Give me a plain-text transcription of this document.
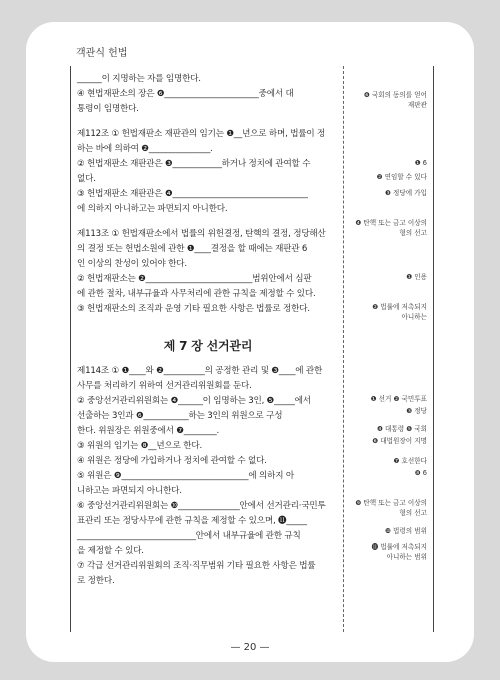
객관식 헌법

______이 지명하는 자를 임명한다.

④ 현법재판소의 장은 ❻_______________________중에서 대

통령이 임명한다.

제112조 ① 헌법재판소 재판관의 임기는 ❶__년으로 하며, 법률이 정

하는 바에 의하여 ❷_______________.

② 헌법재판소 재판관은 ❸____________하거나 정치에 관여할 수

없다.

③ 헌법재판소 재판관은 ❹_________________________________

에 의하지 아니하고는 파면되지 아니한다.

제113조 ① 헌법재판소에서 법률의 위헌결정, 탄핵의 결정, 정당해산

의 결정 또는 헌법소원에 관한 ❶____결정을 할 때에는 재판관 6

인 이상의 찬성이 있어야 한다.

② 헌법재판소는 ❷__________________________범위안에서 심판

에 관한 절차, 내부규율과 사무처리에 관한 규칙을 제정할 수 있다.

③ 헌법재판소의 조직과 운영 기타 필요한 사항은 법률로 정한다.

제 7 장 선거관리

제114조 ① ❶____와 ❷__________의 공정한 관리 및 ❸____에 관한

사무를 처리하기 위하여 선거관리위원회를 둔다.

② 중앙선거관리위원회는 ❹______이 임명하는 3인, ❺_____에서

선출하는 3인과 ❻___________하는 3인의 위원으로 구성

한다. 위원장은 위원중에서 ❼________.

③ 위원의 임기는 ❽__년으로 한다.

④ 위원은 정당에 가입하거나 정치에 관여할 수 없다.

⑤ 위원은 ❾_______________________________에 의하지 아

니하고는 파면되지 아니한다.

⑥ 중앙선거관리위원회는 ❿_______________안에서 선거관리·국민투

표관리 또는 정당사무에 관한 규칙을 제정할 수 있으며, ⓫_____

_____________________________안에서 내부규율에 관한 규칙

을 제정할 수 있다.

⑦ 각급 선거관리위원회의 조직·직무범위 기타 필요한 사항은 법률

로 정한다.

❻ 국회의 동의를 얻어
재판관
❶ 6
❷ 연임할 수 있다
❸ 정당에 가입
❹ 탄핵 또는 금고 이상의
형의 선고
❶ 인용
❷ 법률에 저촉되지
아니하는
❶ 선거 ❷ 국민투표
❸ 정당
❹ 대통령 ❺ 국회
❻ 대법원장이 지명
❼ 호선한다
❽ 6
❾ 탄핵 또는 금고 이상의
형의 선고
❿ 법령의 범위
⓫ 법률에 저촉되지
아니하는 범위
— 20 —
